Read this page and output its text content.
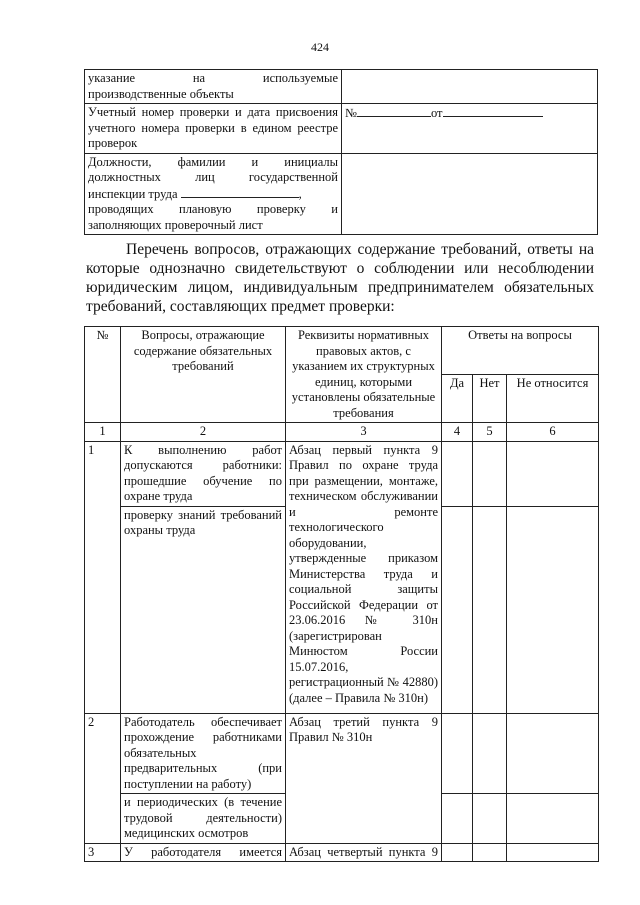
424
указание на используемые
производственные объекты	

Учетный номер проверки и дата присвоения учетного номера проверки в едином реестре проверок	№ от

Должности, фамилии и инициалы
должностных лиц государственной
инспекции труда ,
проводящих плановую проверку и
заполняющих проверочный лист	

Перечень вопросов, отражающих содержание требований, ответы на которые однозначно свидетельствуют о соблюдении или несоблюдении юридическим лицом, индивидуальным предпринимателем обязательных требований, составляющих предмет проверки:
№	Вопросы, отражающие содержание обязательных требований	Реквизиты нормативных правовых актов, с указанием их структурных единиц, которыми установлены обязательные требования	Ответы на вопросы		
			Да	Нет	Не относится
1	2	3	4	5	6
1	К выполнению работ допускаются работники: прошедшие обучение по охране труда	Абзац первый пункта 9 Правил по охране труда при размещении, монтаже, техническом обслуживании и ремонте технологического оборудовании, утвержденные приказом Министерства труда и социальной защиты Российской Федерации от 23.06.2016 № 310н (зарегистрирован Минюстом России 15.07.2016, регистрационный № 42880) (далее – Правила № 310н)			
	проверку знаний требований охраны труда				
2	Работодатель обеспечивает прохождение работниками обязательных предварительных (при поступлении на работу)	Абзац третий пункта 9 Правил № 310н			
	и периодических (в течение трудовой деятельности) медицинских осмотров				
3	У работодателя имеется	Абзац четвертый пункта 9			
